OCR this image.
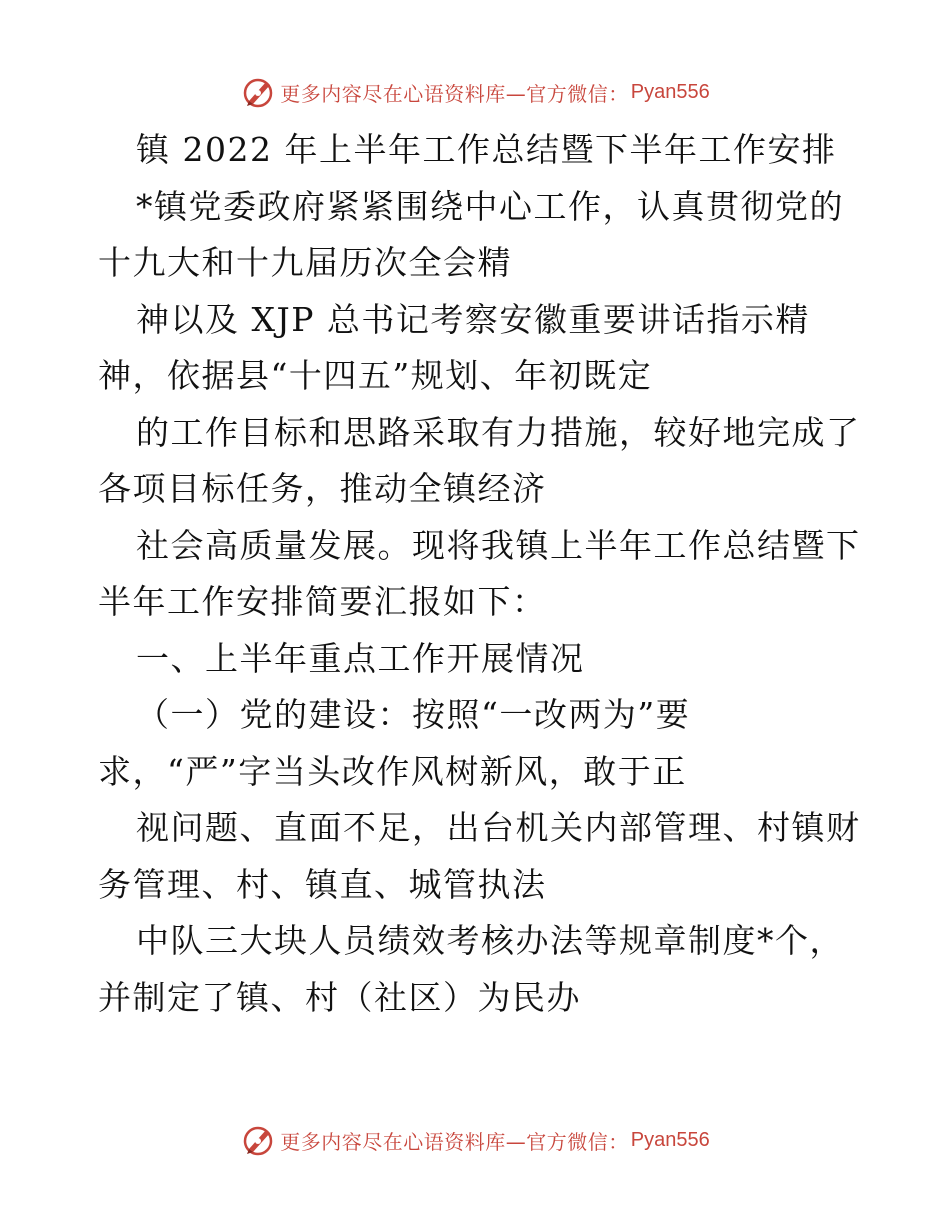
更多内容尽在心语资料库—官方微信： Pyan556
镇 2022 年上半年工作总结暨下半年工作安排
*镇党委政府紧紧围绕中心工作，认真贯彻党的
十九大和十九届历次全会精
神以及 XJP 总书记考察安徽重要讲话指示精
神，依据县“十四五”规划、年初既定
的工作目标和思路采取有力措施，较好地完成了
各项目标任务，推动全镇经济
社会高质量发展。现将我镇上半年工作总结暨下
半年工作安排简要汇报如下：
一、上半年重点工作开展情况
（一）党的建设：按照“一改两为”要
求，“严”字当头改作风树新风，敢于正
视问题、直面不足，出台机关内部管理、村镇财
务管理、村、镇直、城管执法
中队三大块人员绩效考核办法等规章制度*个，
并制定了镇、村（社区）为民办
更多内容尽在心语资料库—官方微信： Pyan556
